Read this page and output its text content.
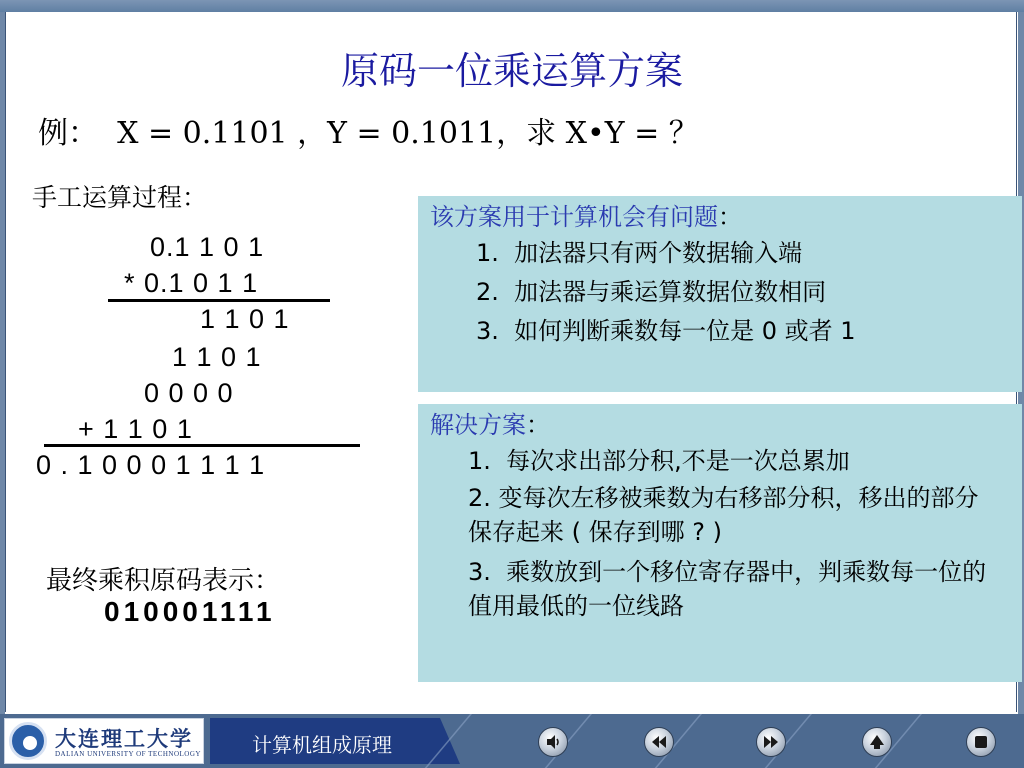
原码一位乘运算方案
例： X = 0.1101 ，Y = 0.1011，求 X•Y = ？
手工运算过程：
0.1 1 0 1
* 0.1 0 1 1
1 1 0 1
1 1 0 1
0 0 0 0
+ 1 1 0 1
0 . 1 0 0 0 1 1 1 1
最终乘积原码表示：
010001111
该方案用于计算机会有问题：
1.  加法器只有两个数据输入端
2.  加法器与乘运算数据位数相同
3.  如何判断乘数每一位是 0 或者 1
解决方案：
1.  每次求出部分积,不是一次总累加
2. 变每次左移被乘数为右移部分积，移出的部分保存起来 ( 保存到哪 ? )
3.  乘数放到一个移位寄存器中，判乘数每一位的值用最低的一位线路
大连理工大学
DALIAN UNIVERSITY OF TECHNOLOGY	计算机组成原理
